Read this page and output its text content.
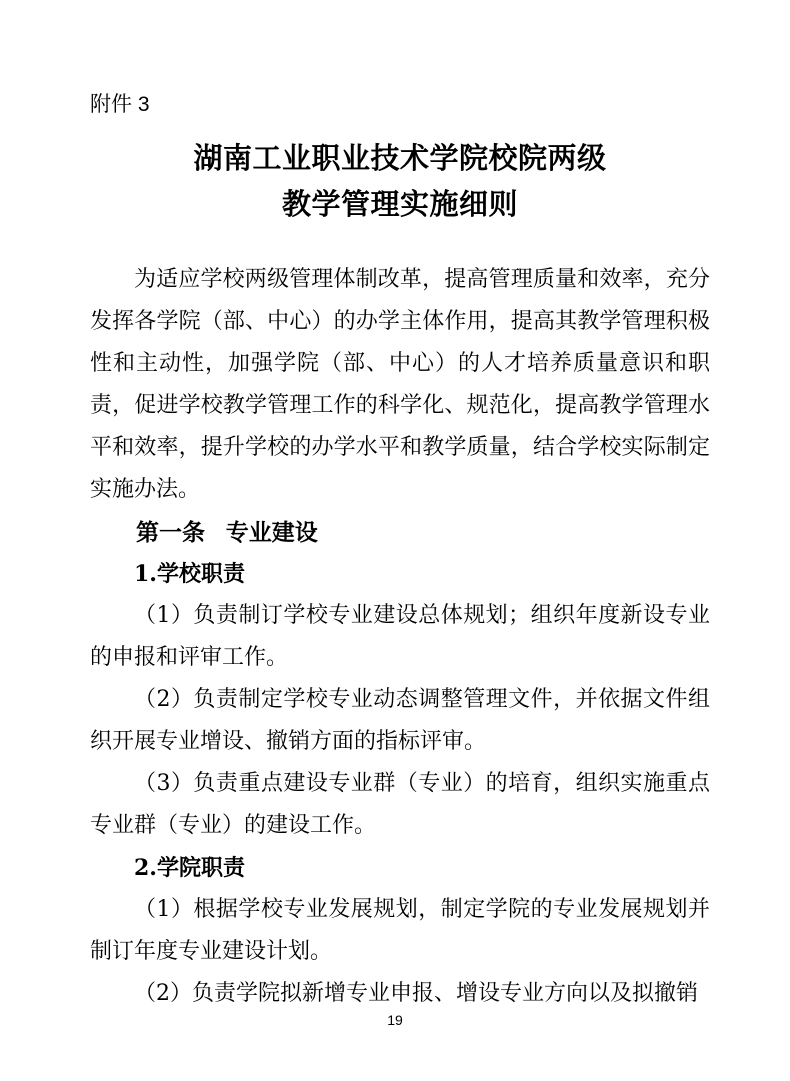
附件 3
湖南工业职业技术学院校院两级
教学管理实施细则

为适应学校两级管理体制改革，提高管理质量和效率，充分发挥各学院（部、中心）的办学主体作用，提高其教学管理积极性和主动性，加强学院（部、中心）的人才培养质量意识和职责，促进学校教学管理工作的科学化、规范化，提高教学管理水平和效率，提升学校的办学水平和教学质量，结合学校实际制定实施办法。

第一条 专业建设
1.学校职责

（1）负责制订学校专业建设总体规划；组织年度新设专业的申报和评审工作。

（2）负责制定学校专业动态调整管理文件，并依据文件组织开展专业增设、撤销方面的指标评审。

（3）负责重点建设专业群（专业）的培育，组织实施重点专业群（专业）的建设工作。

2.学院职责

（1）根据学校专业发展规划，制定学院的专业发展规划并制订年度专业建设计划。

（2）负责学院拟新增专业申报、增设专业方向以及拟撤销

19
